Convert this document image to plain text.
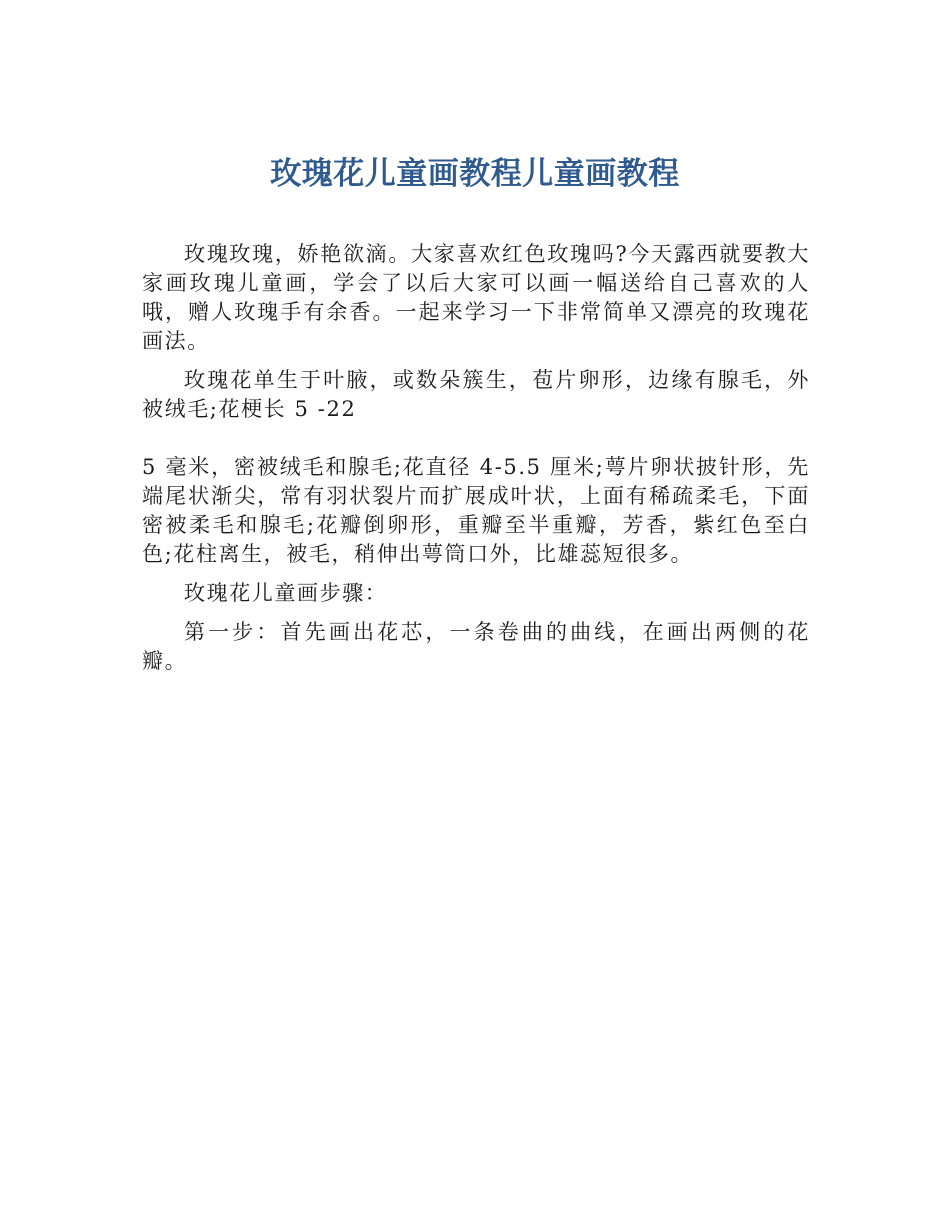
玫瑰花儿童画教程儿童画教程

玫瑰玫瑰，娇艳欲滴。大家喜欢红色玫瑰吗?今天露西就要教大家画玫瑰儿童画，学会了以后大家可以画一幅送给自己喜欢的人哦，赠人玫瑰手有余香。一起来学习一下非常简单又漂亮的玫瑰花画法。

玫瑰花单生于叶腋，或数朵簇生，苞片卵形，边缘有腺毛，外被绒毛;花梗长 5 -22

5 毫米，密被绒毛和腺毛;花直径 4-5.5 厘米;萼片卵状披针形，先端尾状渐尖，常有羽状裂片而扩展成叶状，上面有稀疏柔毛，下面密被柔毛和腺毛;花瓣倒卵形，重瓣至半重瓣，芳香，紫红色至白色;花柱离生，被毛，稍伸出萼筒口外，比雄蕊短很多。

玫瑰花儿童画步骤：

第一步：首先画出花芯，一条卷曲的曲线，在画出两侧的花瓣。
